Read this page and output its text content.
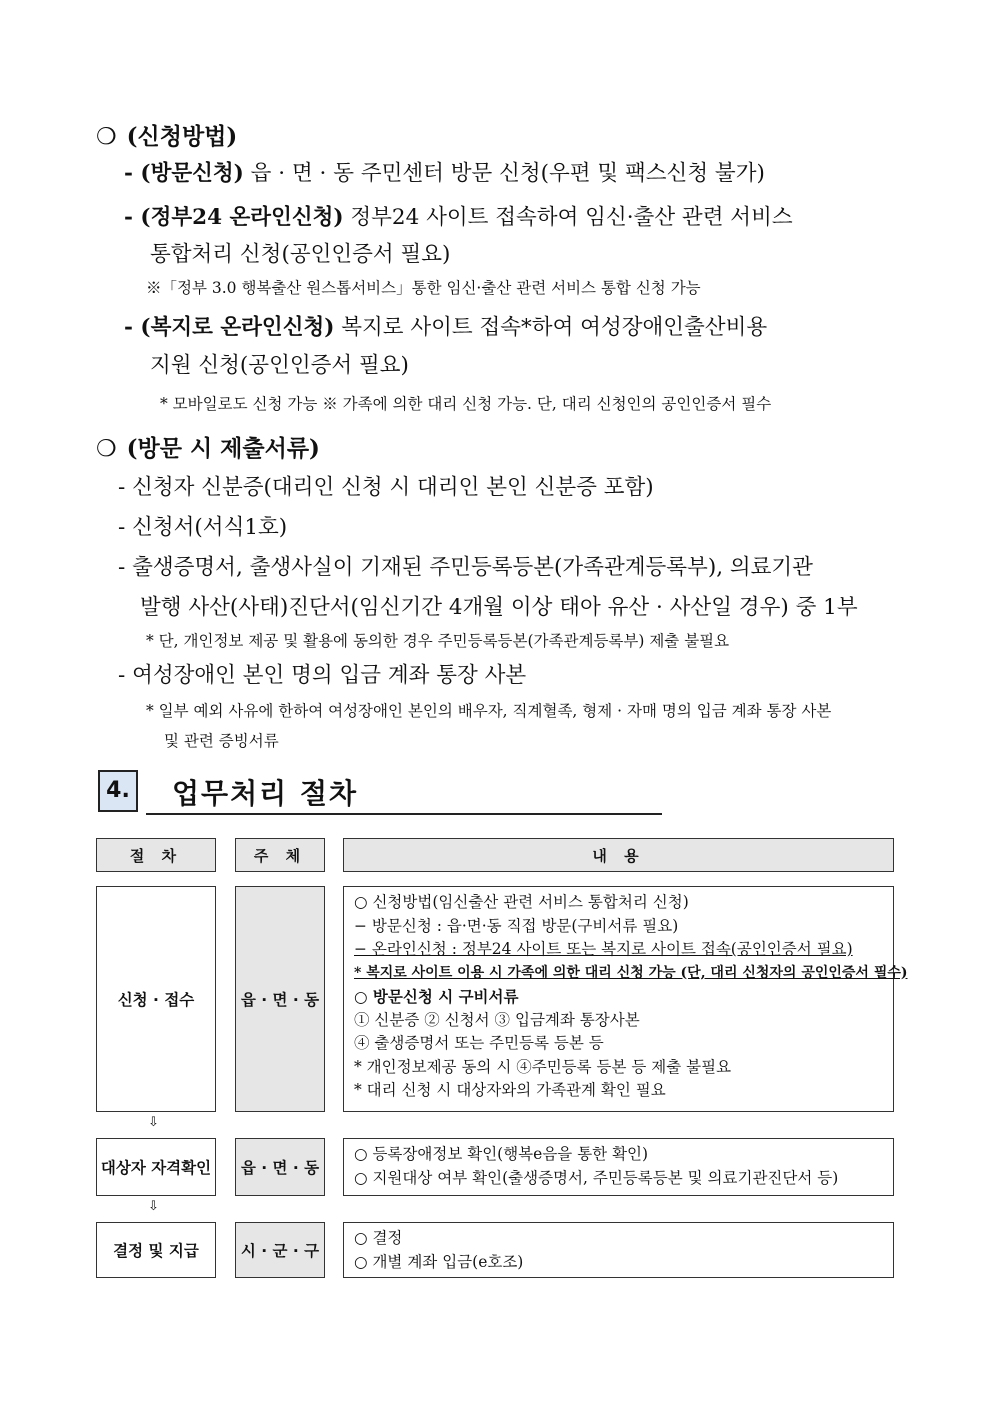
❍ (신청방법)
- (방문신청) 읍 · 면 · 동 주민센터 방문 신청(우편 및 팩스신청 불가)
- (정부24 온라인신청) 정부24 사이트 접속하여 임신·출산 관련 서비스
통합처리 신청(공인인증서 필요)
※「정부 3.0 행복출산 원스톱서비스」통한 임신·출산 관련 서비스 통합 신청 가능
- (복지로 온라인신청) 복지로 사이트 접속*하여 여성장애인출산비용
지원 신청(공인인증서 필요)
* 모바일로도 신청 가능 ※ 가족에 의한 대리 신청 가능. 단, 대리 신청인의 공인인증서 필수
❍ (방문 시 제출서류)
- 신청자 신분증(대리인 신청 시 대리인 본인 신분증 포함)
- 신청서(서식1호)
- 출생증명서, 출생사실이 기재된 주민등록등본(가족관계등록부), 의료기관
발행 사산(사태)진단서(임신기간 4개월 이상 태아 유산 · 사산일 경우) 중 1부
* 단, 개인정보 제공 및 활용에 동의한 경우 주민등록등본(가족관계등록부) 제출 불필요
- 여성장애인 본인 명의 입금 계좌 통장 사본
* 일부 예외 사유에 한하여 여성장애인 본인의 배우자, 직계혈족, 형제 · 자매 명의 입금 계좌 통장 사본
및 관련 증빙서류
4. 업무처리 절차
절 차	주 체	내 용
신청 · 접수	읍 · 면 · 동
○ 신청방법(임신출산 관련 서비스 통합처리 신청)
− 방문신청 : 읍·면·동 직접 방문(구비서류 필요)
− 온라인신청 : 정부24 사이트 또는 복지로 사이트 접속(공인인증서 필요)
* 복지로 사이트 이용 시 가족에 의한 대리 신청 가능 (단, 대리 신청자의 공인인증서 필수)
○ 방문신청 시 구비서류
① 신분증 ② 신청서 ③ 입금계좌 통장사본
④ 출생증명서 또는 주민등록 등본 등
* 개인정보제공 동의 시 ④주민등록 등본 등 제출 불필요
* 대리 신청 시 대상자와의 가족관계 확인 필요
⇩
대상자 자격확인	읍 · 면 · 동
○ 등록장애정보 확인(행복e음을 통한 확인)
○ 지원대상 여부 확인(출생증명서, 주민등록등본 및 의료기관진단서 등)
⇩
결정 및 지급	시 · 군 · 구
○ 결정
○ 개별 계좌 입금(e호조)
